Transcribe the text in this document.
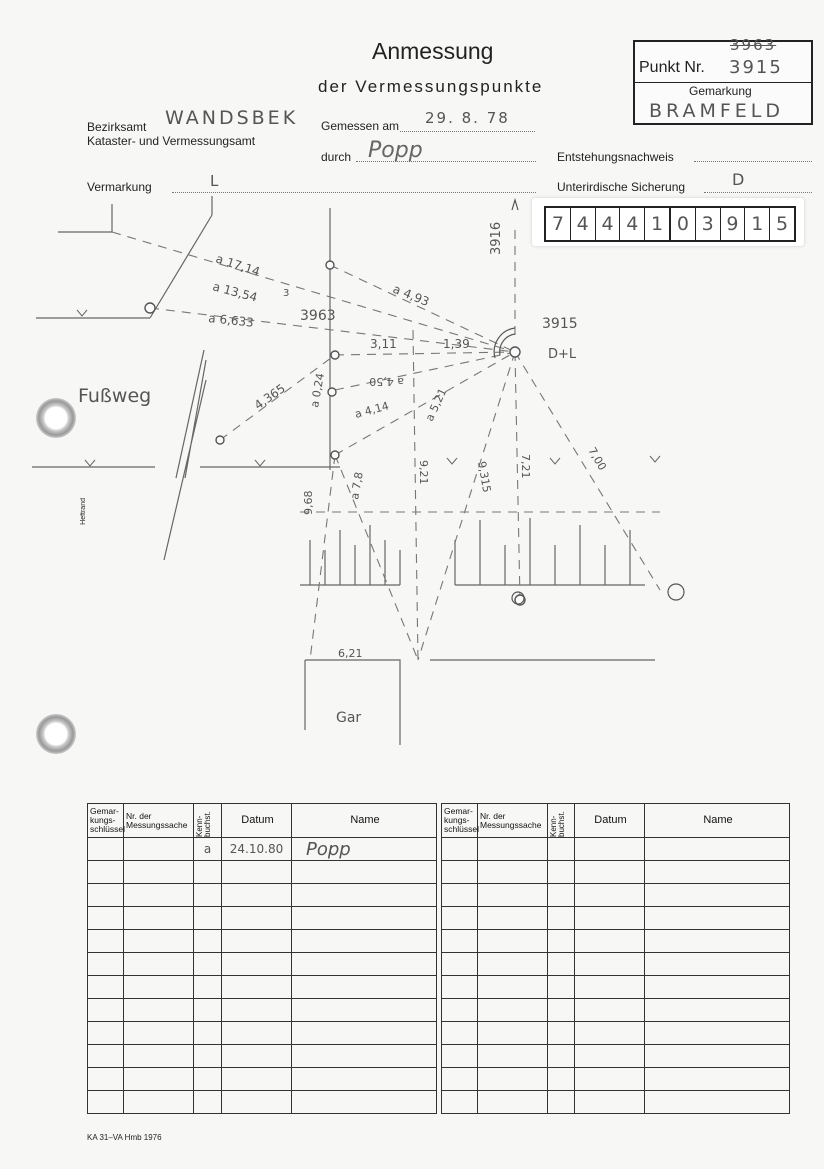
Anmessung
der Vermessungspunkte
Punkt Nr.
3963
3915
Gemarkung
BRAMFELD
Bezirksamt WANDSBEK
Kataster- und Vermessungsamt
Gemessen am 29. 8. 78
durch Popp	Entstehungsnachweis
Vermarkung	L	Unterirdische Sicherung	D
7 4 4 4 1 0 3 9 1 5
Heftrand
Fußweg
Gar
3963	3915
3916
D+L
a 17,14
a 13,54 3
a 6,633
a 4,93
3,11	1,39
4,365 a 0,24	a 4,50
a 4,14	a 5,21
9,21	9,315 7,21	7,00
9,68
a 7,8
6,21
Gemar-kungs-schlüssel	Nr. der Messungssache	Kenn-buchst.	Datum	Name
		a	24.10.80	Popp

Gemar-kungs-schlüssel	Nr. der Messungssache	Kenn-buchst.	Datum	Name

KA 31–VA Hmb 1976
